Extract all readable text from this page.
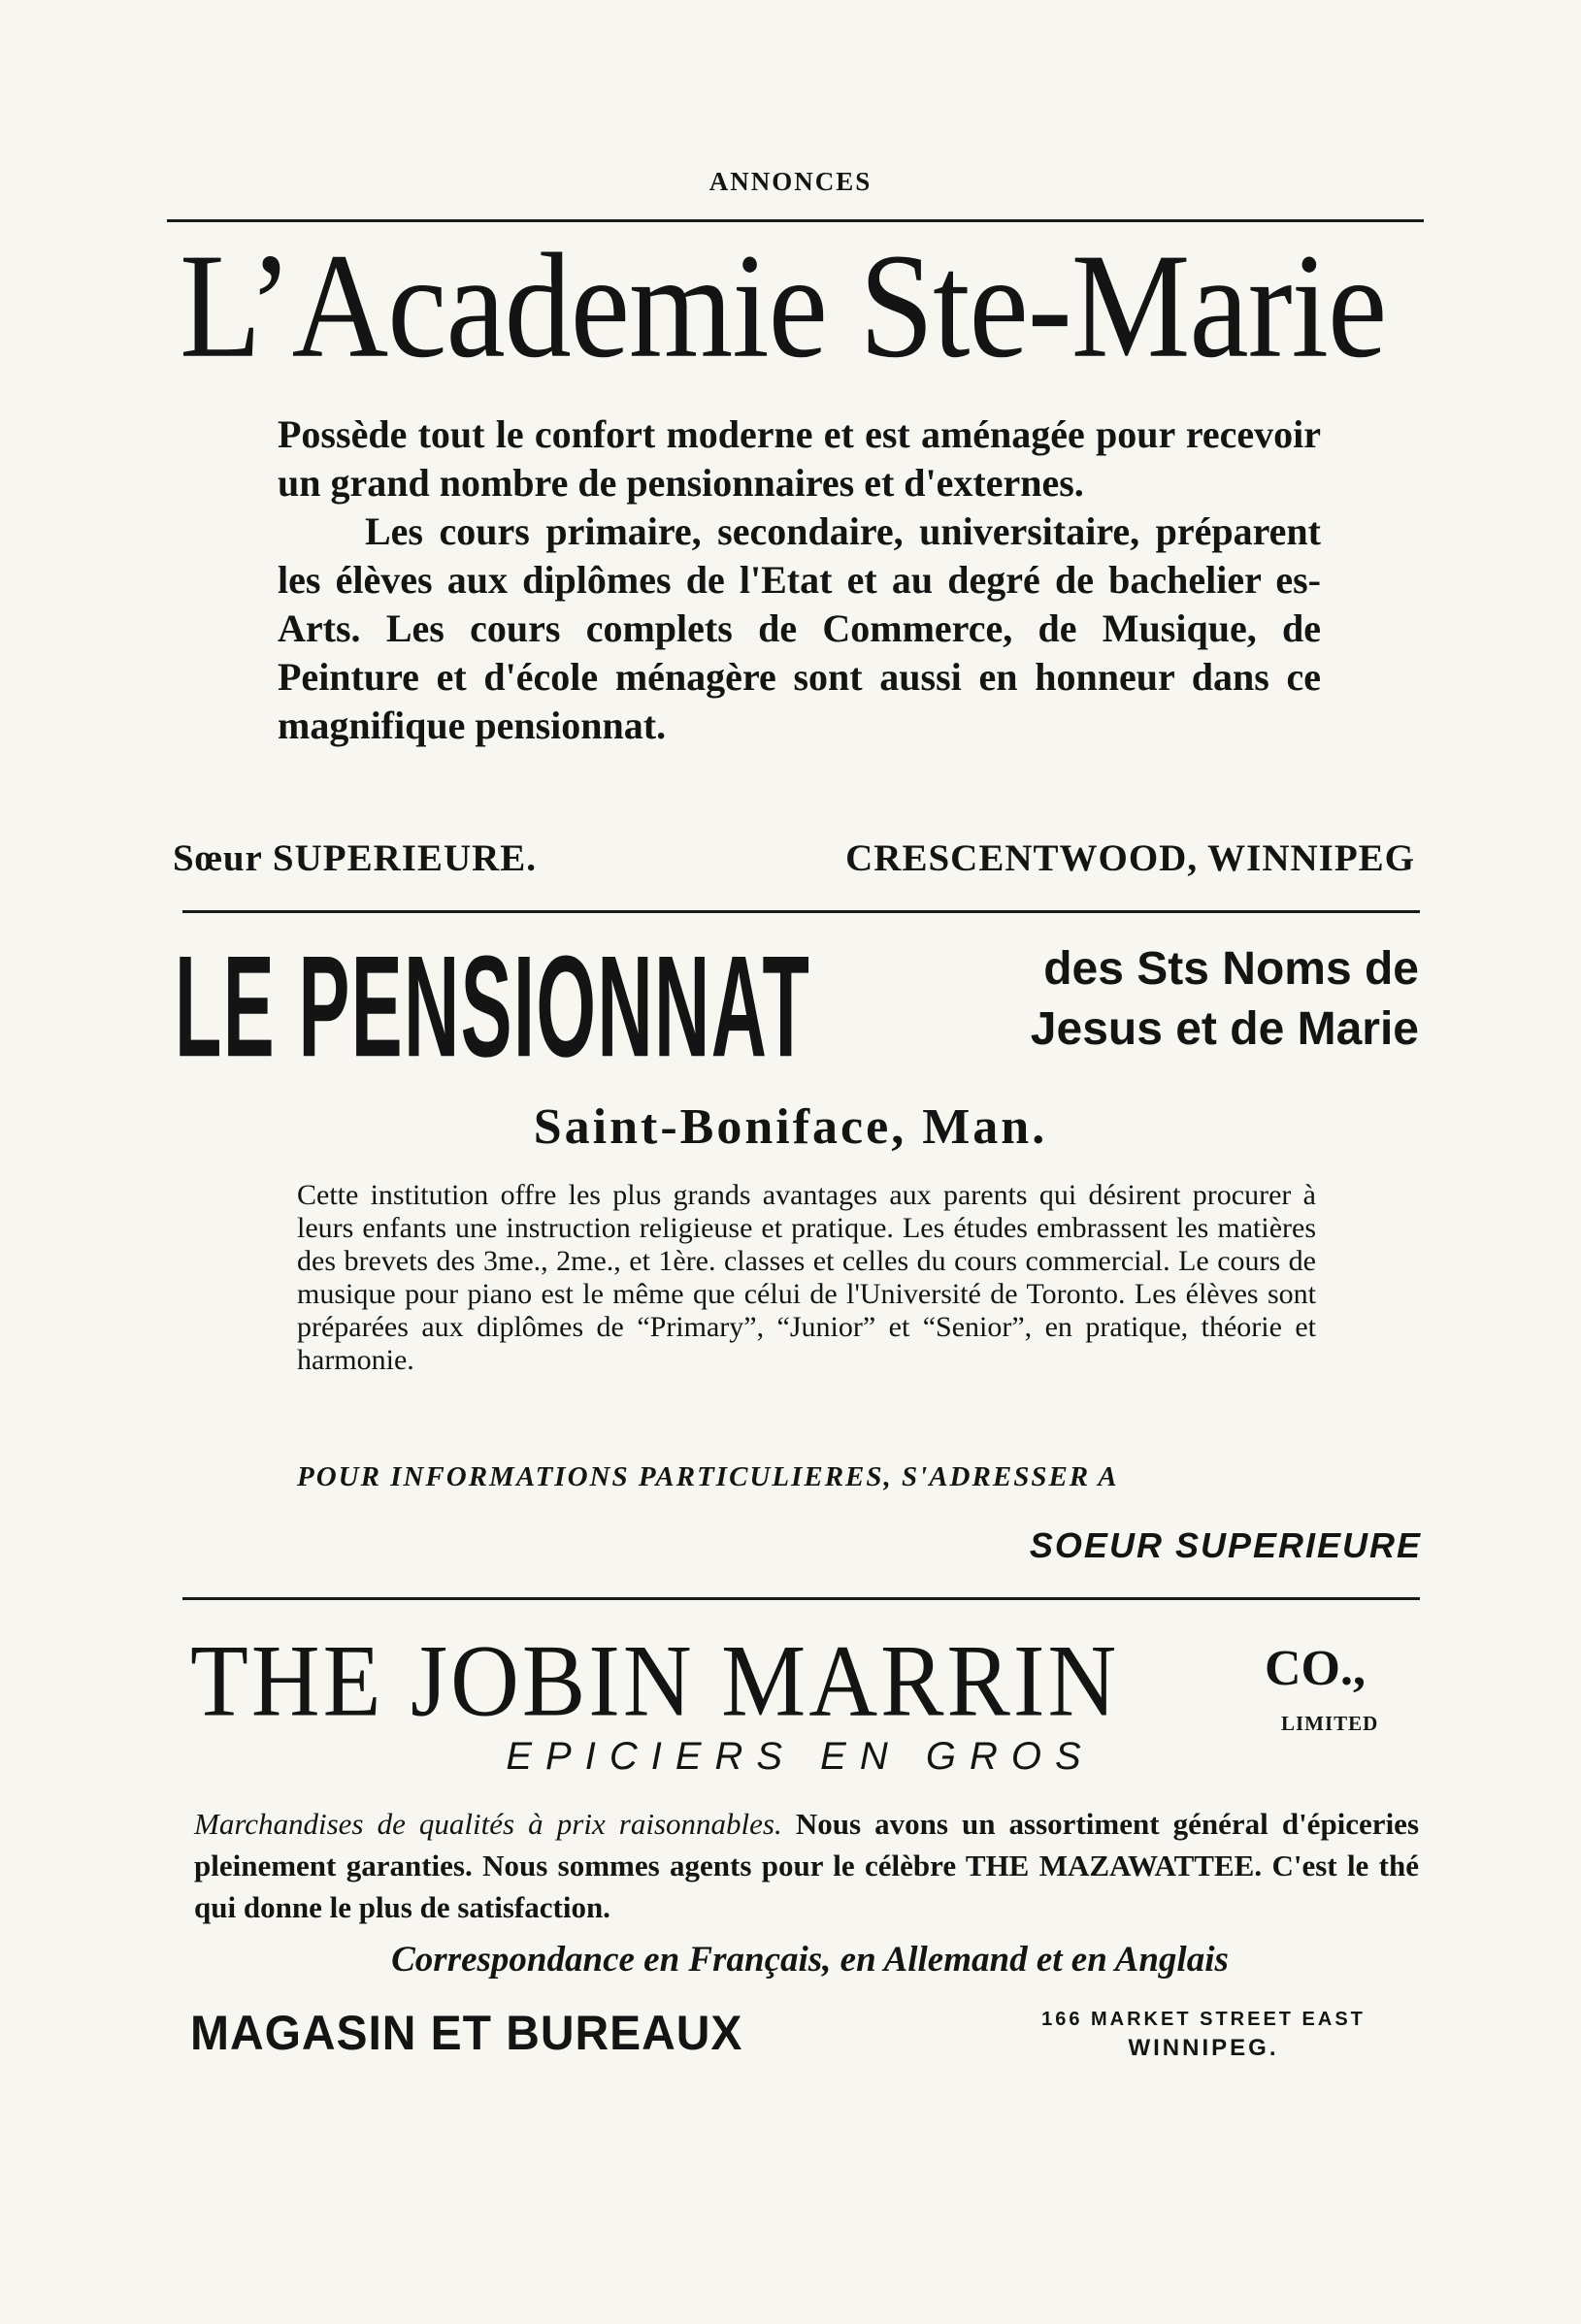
ANNONCES
L’Academie Ste-Marie

Possède tout le confort moderne et est aménagée pour recevoir un grand nombre de pensionnaires et d'externes.

Les cours primaire, secondaire, universitaire, préparent les élèves aux diplômes de l'Etat et au degré de bachelier es-Arts. Les cours complets de Commerce, de Musique, de Peinture et d'école ménagère sont aussi en honneur dans ce magnifique pensionnat.

Sœur SUPERIEURE.	CRESCENTWOOD, WINNIPEG
LE PENSIONNAT	des Sts Noms de
Jesus et de Marie
Saint-Boniface, Man.
Cette institution offre les plus grands avantages aux parents qui désirent procurer à leurs enfants une instruction religieuse et pratique. Les études embrassent les matières des brevets des 3me., 2me., et 1ère. classes et celles du cours commercial. Le cours de musique pour piano est le même que célui de l'Université de Toronto. Les élèves sont préparées aux diplômes de “Primary”, “Junior” et “Senior”, en pratique, théorie et harmonie.
POUR INFORMATIONS PARTICULIERES, S'ADRESSER A
SOEUR SUPERIEURE
THE JOBIN MARRIN	CO.,
LIMITED
EPICIERS EN GROS
Marchandises de qualités à prix raisonnables. Nous avons un assortiment général d'épiceries pleinement garanties. Nous sommes agents pour le célèbre THE MAZAWATTEE. C'est le thé qui donne le plus de satisfaction.
Correspondance en Français, en Allemand et en Anglais
MAGASIN ET BUREAUX	166 MARKET STREET EAST
WINNIPEG.
